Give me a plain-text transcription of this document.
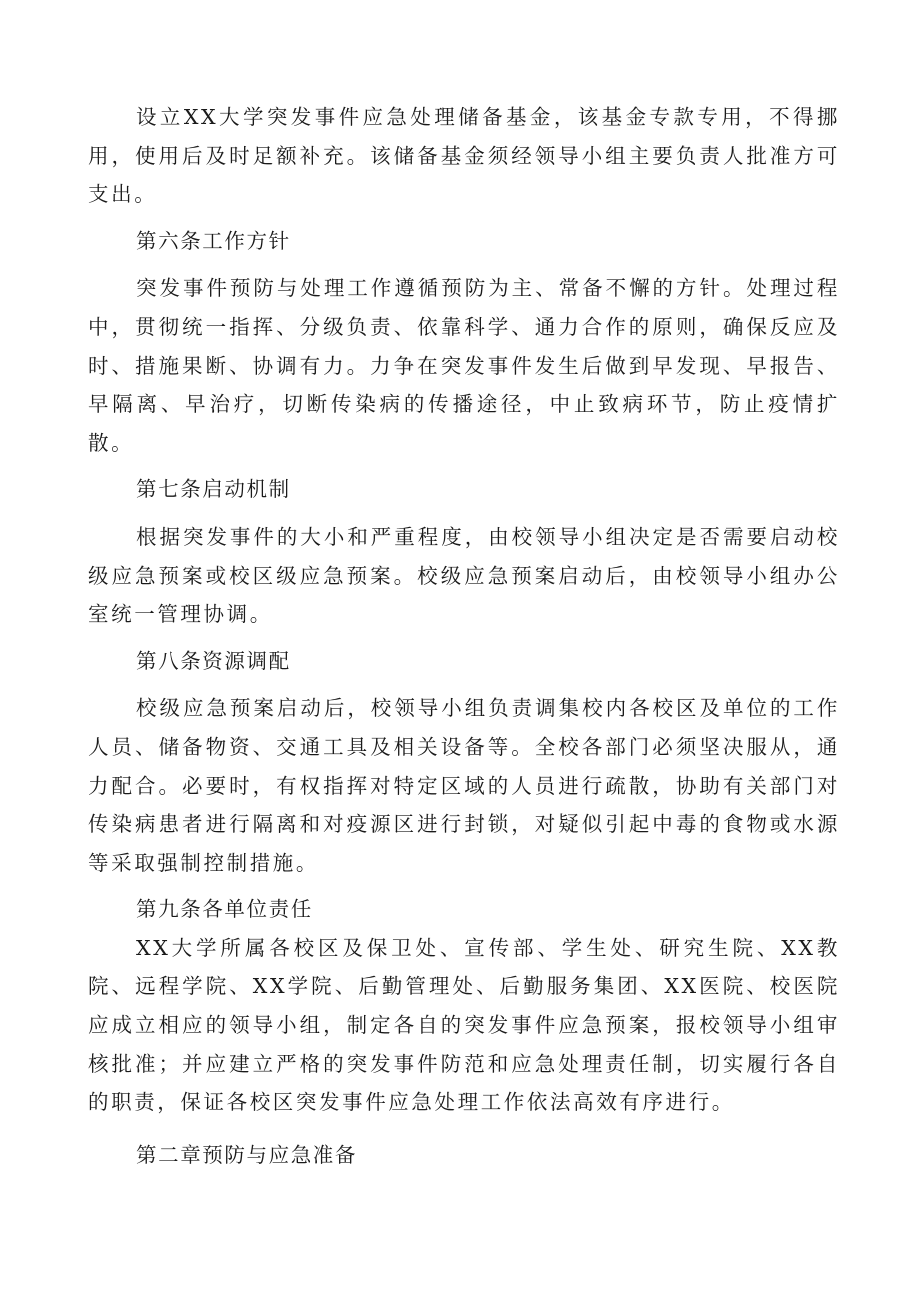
设立XX大学突发事件应急处理储备基金，该基金专款专用，不得挪用，使用后及时足额补充。该储备基金须经领导小组主要负责人批准方可支出。

第六条工作方针

突发事件预防与处理工作遵循预防为主、常备不懈的方针。处理过程中，贯彻统一指挥、分级负责、依靠科学、通力合作的原则，确保反应及时、措施果断、协调有力。力争在突发事件发生后做到早发现、早报告、早隔离、早治疗，切断传染病的传播途径，中止致病环节，防止疫情扩散。

第七条启动机制

根据突发事件的大小和严重程度，由校领导小组决定是否需要启动校级应急预案或校区级应急预案。校级应急预案启动后，由校领导小组办公室统一管理协调。

第八条资源调配

校级应急预案启动后，校领导小组负责调集校内各校区及单位的工作人员、储备物资、交通工具及相关设备等。全校各部门必须坚决服从，通力配合。必要时，有权指挥对特定区域的人员进行疏散，协助有关部门对传染病患者进行隔离和对疫源区进行封锁，对疑似引起中毒的食物或水源等采取强制控制措施。

第九条各单位责任

XX大学所属各校区及保卫处、宣传部、学生处、研究生院、XX教院、远程学院、XX学院、后勤管理处、后勤服务集团、XX医院、校医院应成立相应的领导小组，制定各自的突发事件应急预案，报校领导小组审核批准；并应建立严格的突发事件防范和应急处理责任制，切实履行各自的职责，保证各校区突发事件应急处理工作依法高效有序进行。

第二章预防与应急准备
